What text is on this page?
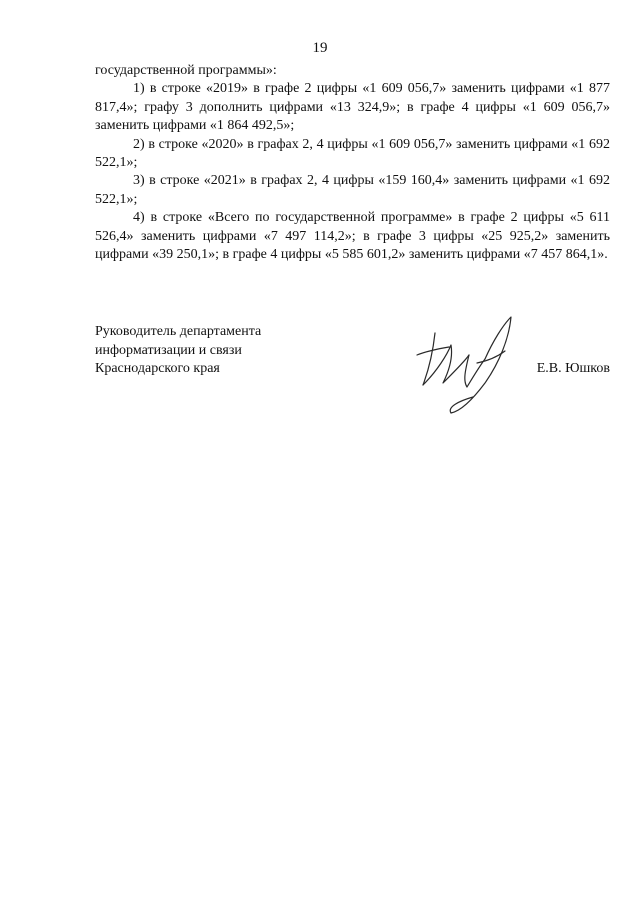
19

государственной программы»:

1) в строке «2019» в графе 2 цифры «1 609 056,7» заменить цифрами «1 877 817,4»; графу 3 дополнить цифрами «13 324,9»; в графе 4 цифры «1 609 056,7» заменить цифрами «1 864 492,5»;

2) в строке «2020» в графах 2, 4 цифры «1 609 056,7» заменить цифрами «1 692 522,1»;

3) в строке «2021» в графах 2, 4 цифры «159 160,4» заменить цифрами «1 692 522,1»;

4) в строке «Всего по государственной программе» в графе 2 цифры «5 611 526,4» заменить цифрами «7 497 114,2»; в графе 3 цифры «25 925,2» заменить цифрами «39 250,1»; в графе 4 цифры «5 585 601,2» заменить цифрами «7 457 864,1».

Руководитель департамента
информатизации и связи
Краснодарского края	Е.В. Юшков
